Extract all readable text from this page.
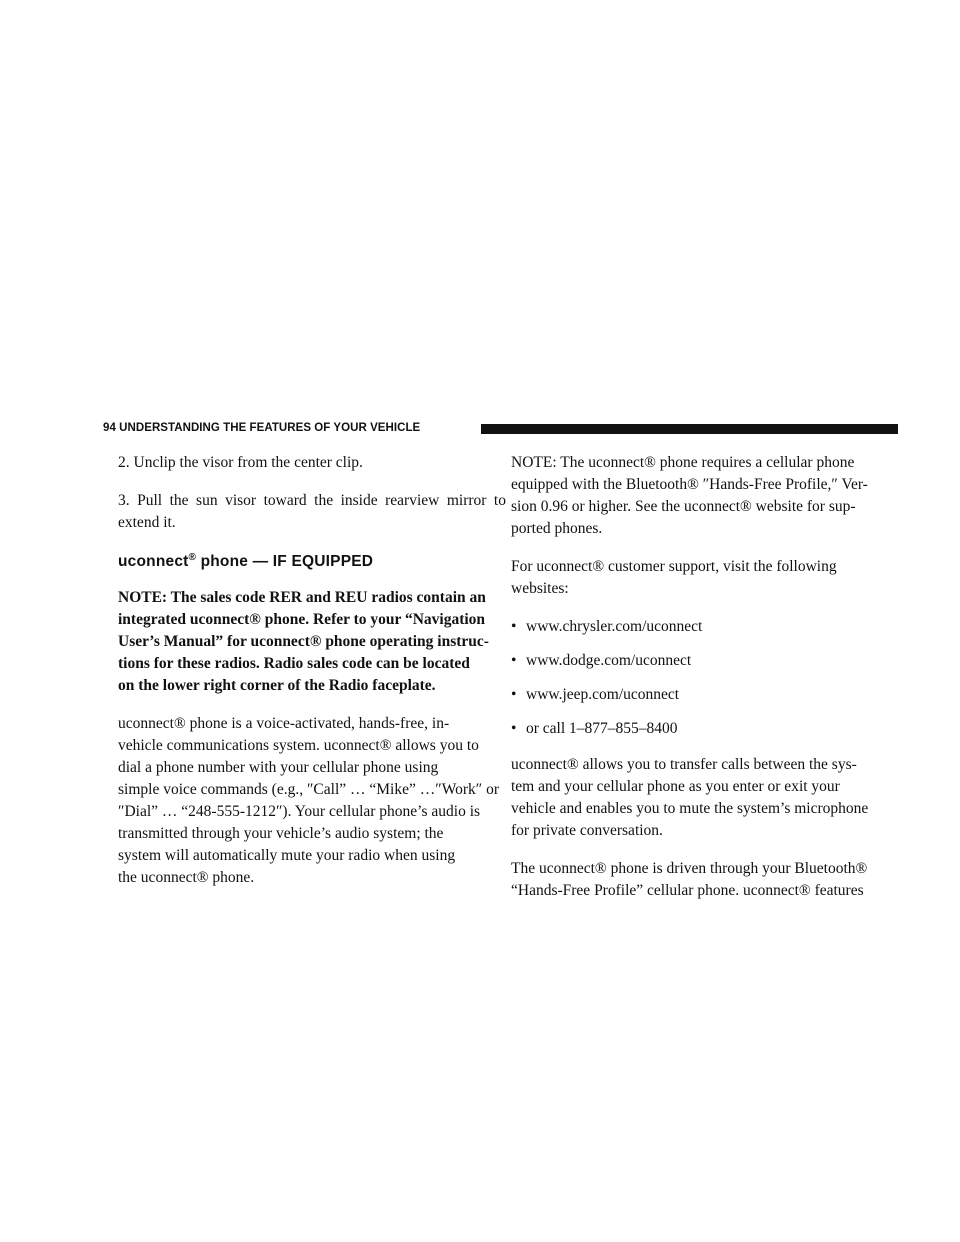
94 UNDERSTANDING THE FEATURES OF YOUR VEHICLE

2. Unclip the visor from the center clip.

3. Pull the sun visor toward the inside rearview mirror to extend it.

uconnect® phone — IF EQUIPPED

NOTE: The sales code RER and REU radios contain an
integrated uconnect® phone. Refer to your “Navigation
User’s Manual” for uconnect® phone operating instruc-
tions for these radios. Radio sales code can be located
on the lower right corner of the Radio faceplate.

uconnect® phone is a voice-activated, hands-free, in-
vehicle communications system. uconnect® allows you to
dial a phone number with your cellular phone using
simple voice commands (e.g., ″Call” … “Mike” …″Work″ or
″Dial” … “248-555-1212″). Your cellular phone’s audio is
transmitted through your vehicle’s audio system; the
system will automatically mute your radio when using
the uconnect® phone.

NOTE: The uconnect® phone requires a cellular phone
equipped with the Bluetooth® ″Hands-Free Profile,″ Ver-
sion 0.96 or higher. See the uconnect® website for sup-
ported phones.

For uconnect® customer support, visit the following
websites:

• www.chrysler.com/uconnect
• www.dodge.com/uconnect
• www.jeep.com/uconnect
• or call 1–877–855–8400

uconnect® allows you to transfer calls between the sys-
tem and your cellular phone as you enter or exit your
vehicle and enables you to mute the system’s microphone
for private conversation.

The uconnect® phone is driven through your Bluetooth®
“Hands-Free Profile” cellular phone. uconnect® features
